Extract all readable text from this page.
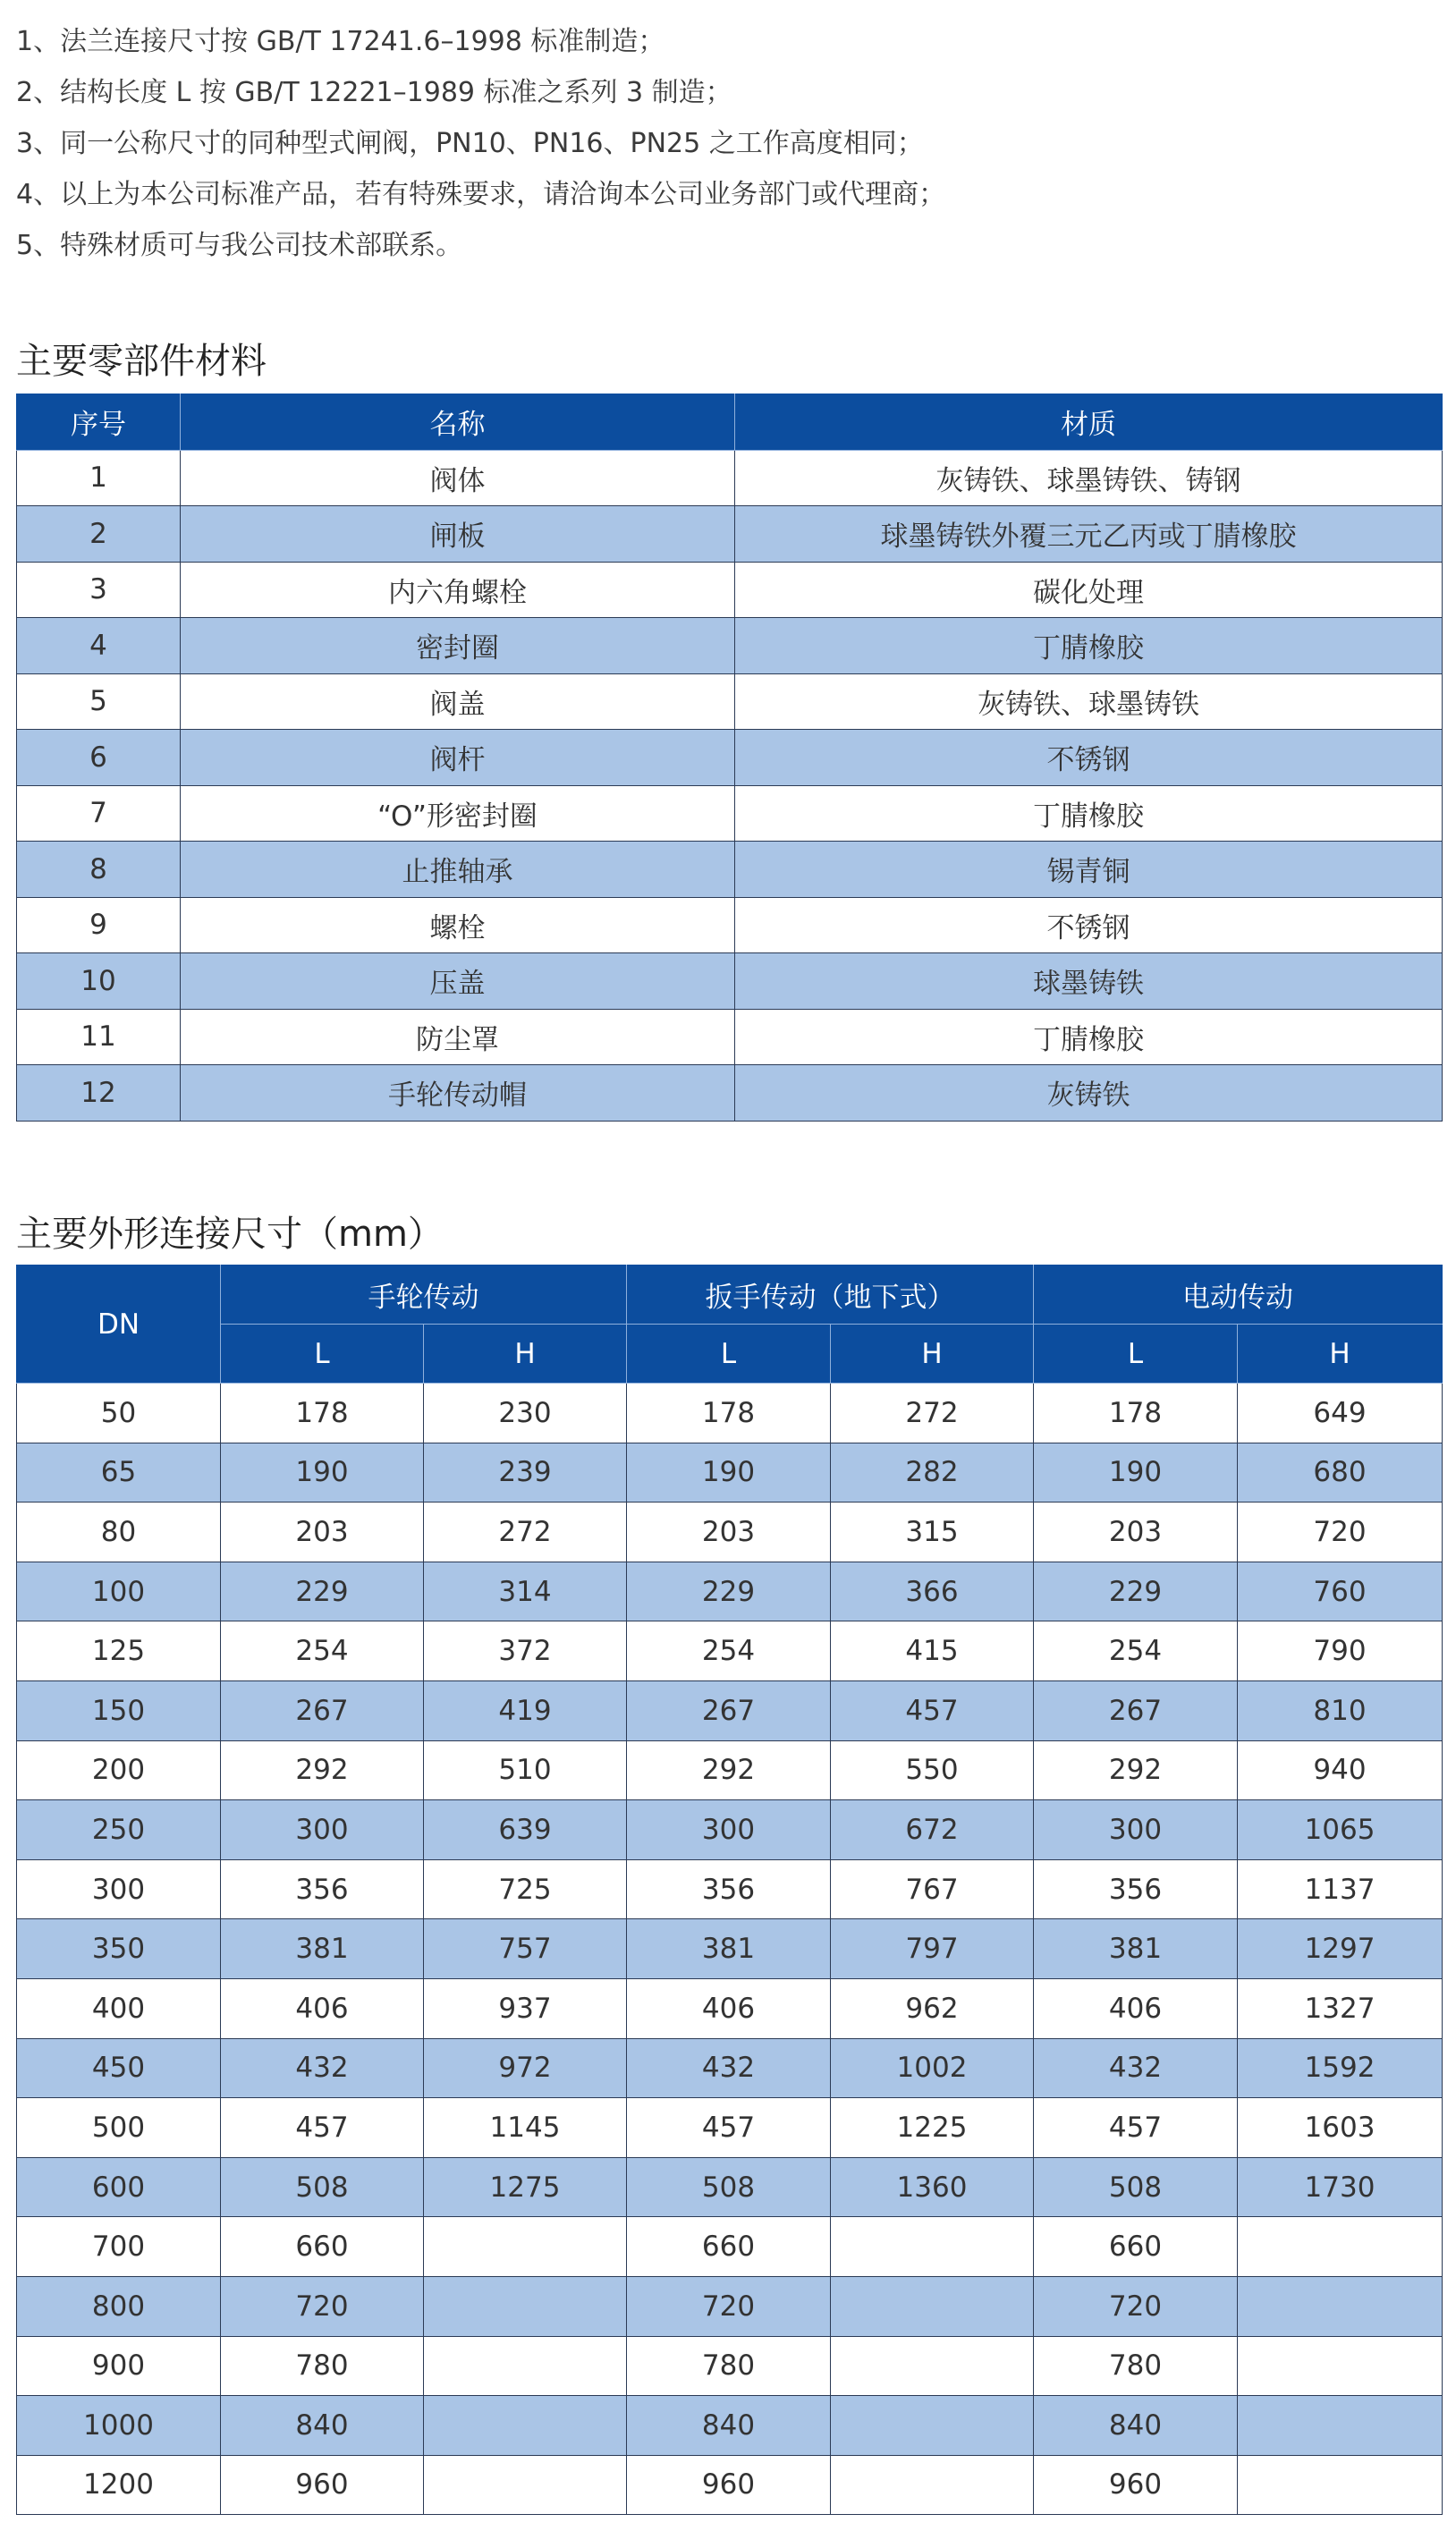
1、法兰连接尺寸按 GB/T 17241.6–1998 标准制造；
2、结构长度 L 按 GB/T 12221–1989 标准之系列 3 制造；
3、同一公称尺寸的同种型式闸阀，PN10、PN16、PN25 之工作高度相同；
4、以上为本公司标准产品，若有特殊要求，请洽询本公司业务部门或代理商；
5、特殊材质可与我公司技术部联系。
主要零部件材料
序号	名称	材质
1	阀体	灰铸铁、球墨铸铁、铸钢
2	闸板	球墨铸铁外覆三元乙丙或丁腈橡胶
3	内六角螺栓	碳化处理
4	密封圈	丁腈橡胶
5	阀盖	灰铸铁、球墨铸铁
6	阀杆	不锈钢
7	“O”形密封圈	丁腈橡胶
8	止推轴承	锡青铜
9	螺栓	不锈钢
10	压盖	球墨铸铁
11	防尘罩	丁腈橡胶
12	手轮传动帽	灰铸铁
主要外形连接尺寸（mm）
DN	手轮传动		扳手传动（地下式）		电动传动	
	L	H	L	H	L	H
50	178	230	178	272	178	649
65	190	239	190	282	190	680
80	203	272	203	315	203	720
100	229	314	229	366	229	760
125	254	372	254	415	254	790
150	267	419	267	457	267	810
200	292	510	292	550	292	940
250	300	639	300	672	300	1065
300	356	725	356	767	356	1137
350	381	757	381	797	381	1297
400	406	937	406	962	406	1327
450	432	972	432	1002	432	1592
500	457	1145	457	1225	457	1603
600	508	1275	508	1360	508	1730
700	660		660		660	
800	720		720		720	
900	780		780		780	
1000	840		840		840	
1200	960		960		960	
